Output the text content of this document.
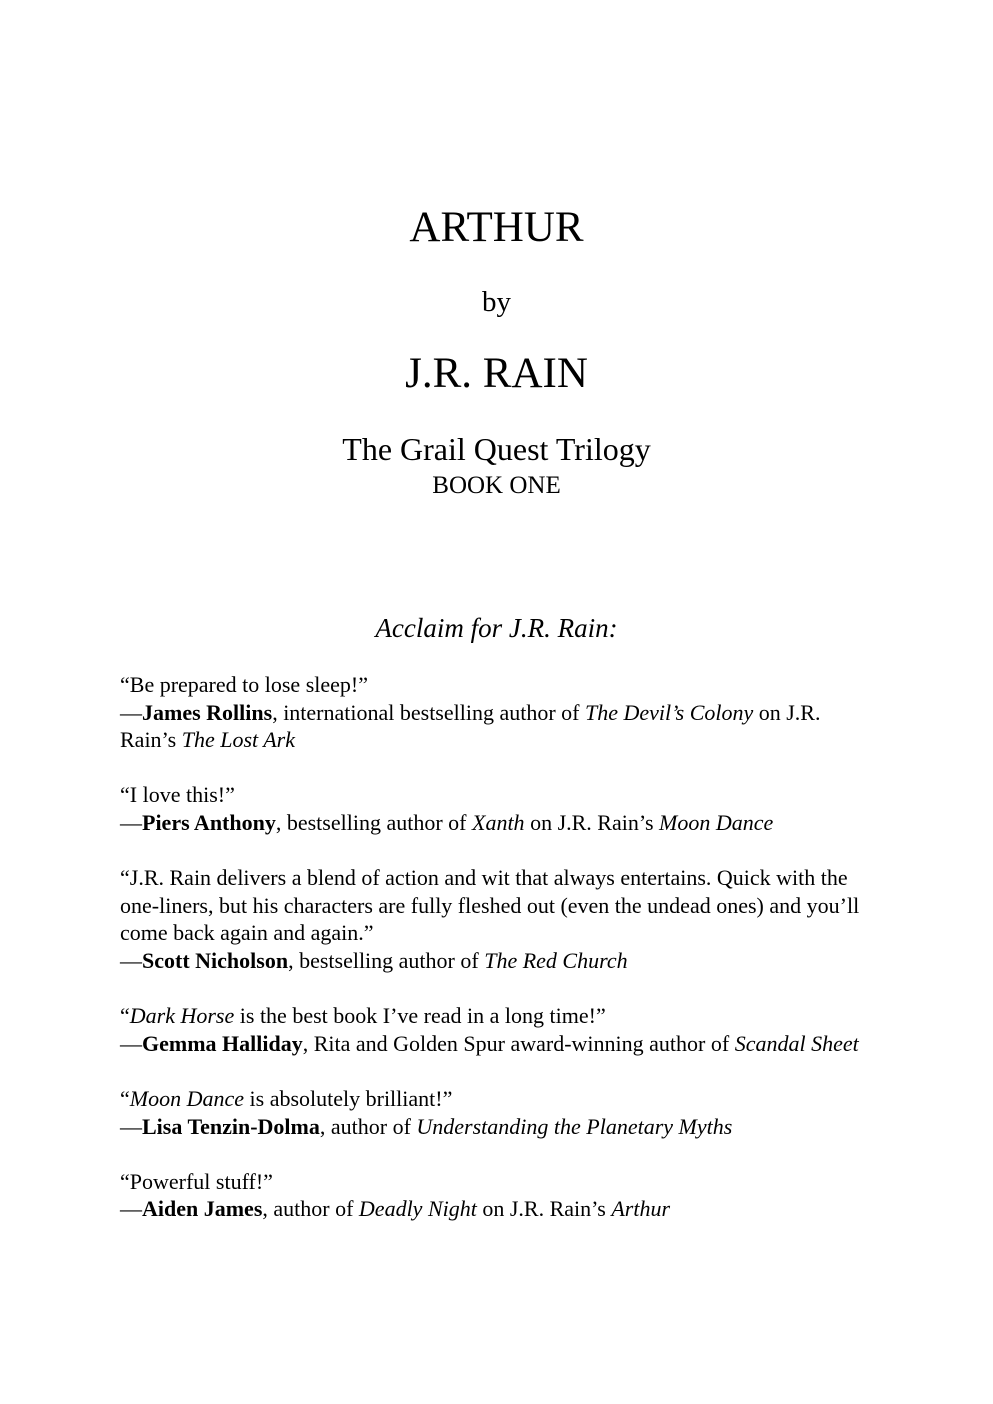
ARTHUR
by
J.R. RAIN
The Grail Quest Trilogy
BOOK ONE
Acclaim for J.R. Rain:

“Be prepared to lose sleep!”

—James Rollins, international bestselling author of The Devil’s Colony on J.R. Rain’s The Lost Ark

“I love this!”

—Piers Anthony, bestselling author of Xanth on J.R. Rain’s Moon Dance

“J.R. Rain delivers a blend of action and wit that always entertains. Quick with the one-liners, but his characters are fully fleshed out (even the undead ones) and you’ll come back again and again.”

—Scott Nicholson, bestselling author of The Red Church

“Dark Horse is the best book I’ve read in a long time!”

—Gemma Halliday, Rita and Golden Spur award-winning author of Scandal Sheet

“Moon Dance is absolutely brilliant!”

—Lisa Tenzin-Dolma, author of Understanding the Planetary Myths

“Powerful stuff!”

—Aiden James, author of Deadly Night on J.R. Rain’s Arthur
